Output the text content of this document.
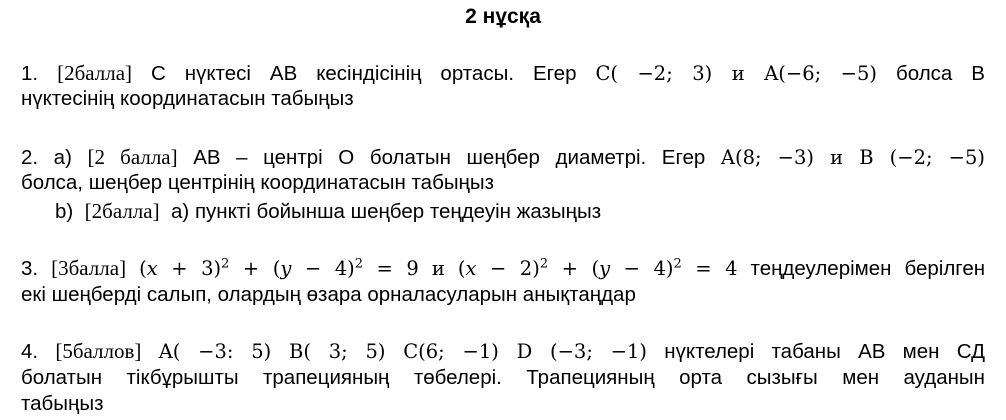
2 нұсқа
1. [2балла] С нүктесі АВ кесіндісінің ортасы. Егер C( −2; 3) и A(−6; −5) болса В
нүктесінің координатасын табыңыз
2. а) [2 балла] АВ – центрі О болатын шеңбер диаметрі. Егер A(8; −3) и B (−2; −5)
болса, шеңбер центрінің координатасын табыңыз
b) [2балла] а) пункті бойынша шеңбер теңдеуін жазыңыз
3. [3балла] $(x + 3)^2 + (y - 4)^2 = 9$ и $(x - 2)^2 + (y - 4)^2 = 4$ теңдеулерімен берілген
екі шеңберді салып, олардың өзара орналасуларын анықтаңдар
4. [5баллов] A( −3: 5) B( 3; 5) C(6; −1) D (−3; −1) нүктелері табаны АВ мен СД
болатын тікбұрышты трапецияның төбелері. Трапецияның орта сызығы мен ауданын
табыңыз
